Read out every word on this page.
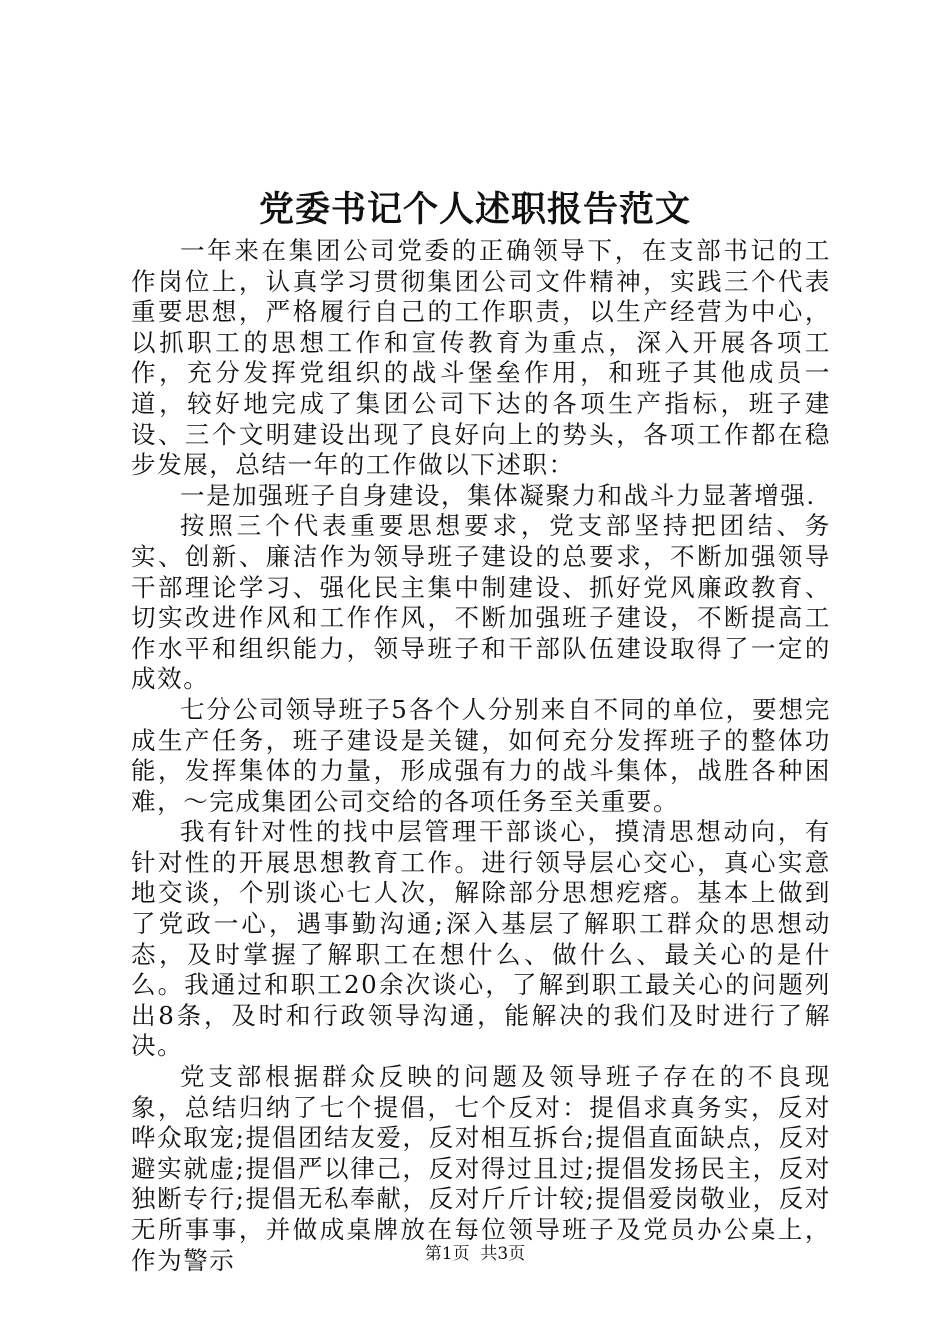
党委书记个人述职报告范文

一年来在集团公司党委的正确领导下，在支部书记的工作岗位上，认真学习贯彻集团公司文件精神，实践三个代表重要思想，严格履行自己的工作职责，以生产经营为中心，以抓职工的思想工作和宣传教育为重点，深入开展各项工作，充分发挥党组织的战斗堡垒作用，和班子其他成员一道，较好地完成了集团公司下达的各项生产指标，班子建设、三个文明建设出现了良好向上的势头，各项工作都在稳步发展，总结一年的工作做以下述职：

一是加强班子自身建设，集体凝聚力和战斗力显著增强.

按照三个代表重要思想要求，党支部坚持把团结、务实、创新、廉洁作为领导班子建设的总要求，不断加强领导干部理论学习、强化民主集中制建设、抓好党风廉政教育、切实改进作风和工作作风，不断加强班子建设，不断提高工作水平和组织能力，领导班子和干部队伍建设取得了一定的成效。

七分公司领导班子5各个人分别来自不同的单位，要想完成生产任务，班子建设是关键，如何充分发挥班子的整体功能，发挥集体的力量，形成强有力的战斗集体，战胜各种困难，～完成集团公司交给的各项任务至关重要。

我有针对性的找中层管理干部谈心，摸清思想动向，有针对性的开展思想教育工作。进行领导层心交心，真心实意地交谈，个别谈心七人次，解除部分思想疙瘩。基本上做到了党政一心，遇事勤沟通;深入基层了解职工群众的思想动态，及时掌握了解职工在想什么、做什么、最关心的是什么。我通过和职工20余次谈心，了解到职工最关心的问题列出8条，及时和行政领导沟通，能解决的我们及时进行了解决。

党支部根据群众反映的问题及领导班子存在的不良现象，总结归纳了七个提倡，七个反对：提倡求真务实，反对哗众取宠;提倡团结友爱，反对相互拆台;提倡直面缺点，反对避实就虚;提倡严以律己，反对得过且过;提倡发扬民主，反对独断专行;提倡无私奉献，反对斤斤计较;提倡爱岗敬业，反对无所事事，并做成桌牌放在每位领导班子及党员办公桌上，作为警示	第1页 共3页
